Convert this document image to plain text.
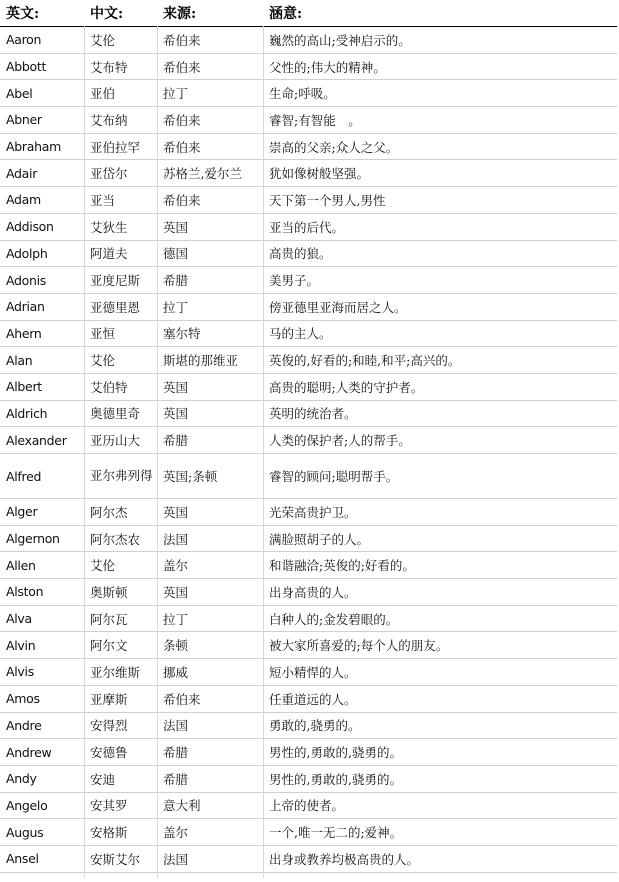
英文:	中文:	来源:	涵意:
Aaron	艾伦	希伯来	巍然的高山;受神启示的。
Abbott	艾布特	希伯来	父性的;伟大的精神。
Abel	亚伯	拉丁	生命;呼吸。
Abner	艾布纳	希伯来	睿智;有智能　。
Abraham	亚伯拉罕	希伯来	崇高的父亲;众人之父。
Adair	亚岱尔	苏格兰,爱尔兰	犹如像树般坚强。
Adam	亚当	希伯来	天下第一个男人,男性
Addison	艾狄生	英国	亚当的后代。
Adolph	阿道夫	德国	高贵的狼。
Adonis	亚度尼斯	希腊	美男子。
Adrian	亚德里恩	拉丁	傍亚德里亚海而居之人。
Ahern	亚恒	塞尔特	马的主人。
Alan	艾伦	斯堪的那维亚	英俊的,好看的;和睦,和平;高兴的。
Albert	艾伯特	英国	高贵的聪明;人类的守护者。
Aldrich	奥德里奇	英国	英明的统治者。
Alexander	亚历山大	希腊	人类的保护者;人的帮手。
Alfred	亚尔弗列得	英国;条顿	睿智的顾问;聪明帮手。
Alger	阿尔杰	英国	光荣高贵护卫。
Algernon	阿尔杰农	法国	满脸照胡子的人。
Allen	艾伦	盖尔	和谐融洽;英俊的;好看的。
Alston	奥斯顿	英国	出身高贵的人。
Alva	阿尔瓦	拉丁	白种人的;金发碧眼的。
Alvin	阿尔文	条顿	被大家所喜爱的;每个人的朋友。
Alvis	亚尔维斯	挪威	短小精悍的人。
Amos	亚摩斯	希伯来	任重道远的人。
Andre	安得烈	法国	勇敢的,骁勇的。
Andrew	安德鲁	希腊	男性的,勇敢的,骁勇的。
Andy	安迪	希腊	男性的,勇敢的,骁勇的。
Angelo	安其罗	意大利	上帝的使者。
Augus	安格斯	盖尔	一个,唯一无二的;爱神。
Ansel	安斯艾尔	法国	出身或教养均极高贵的人。
